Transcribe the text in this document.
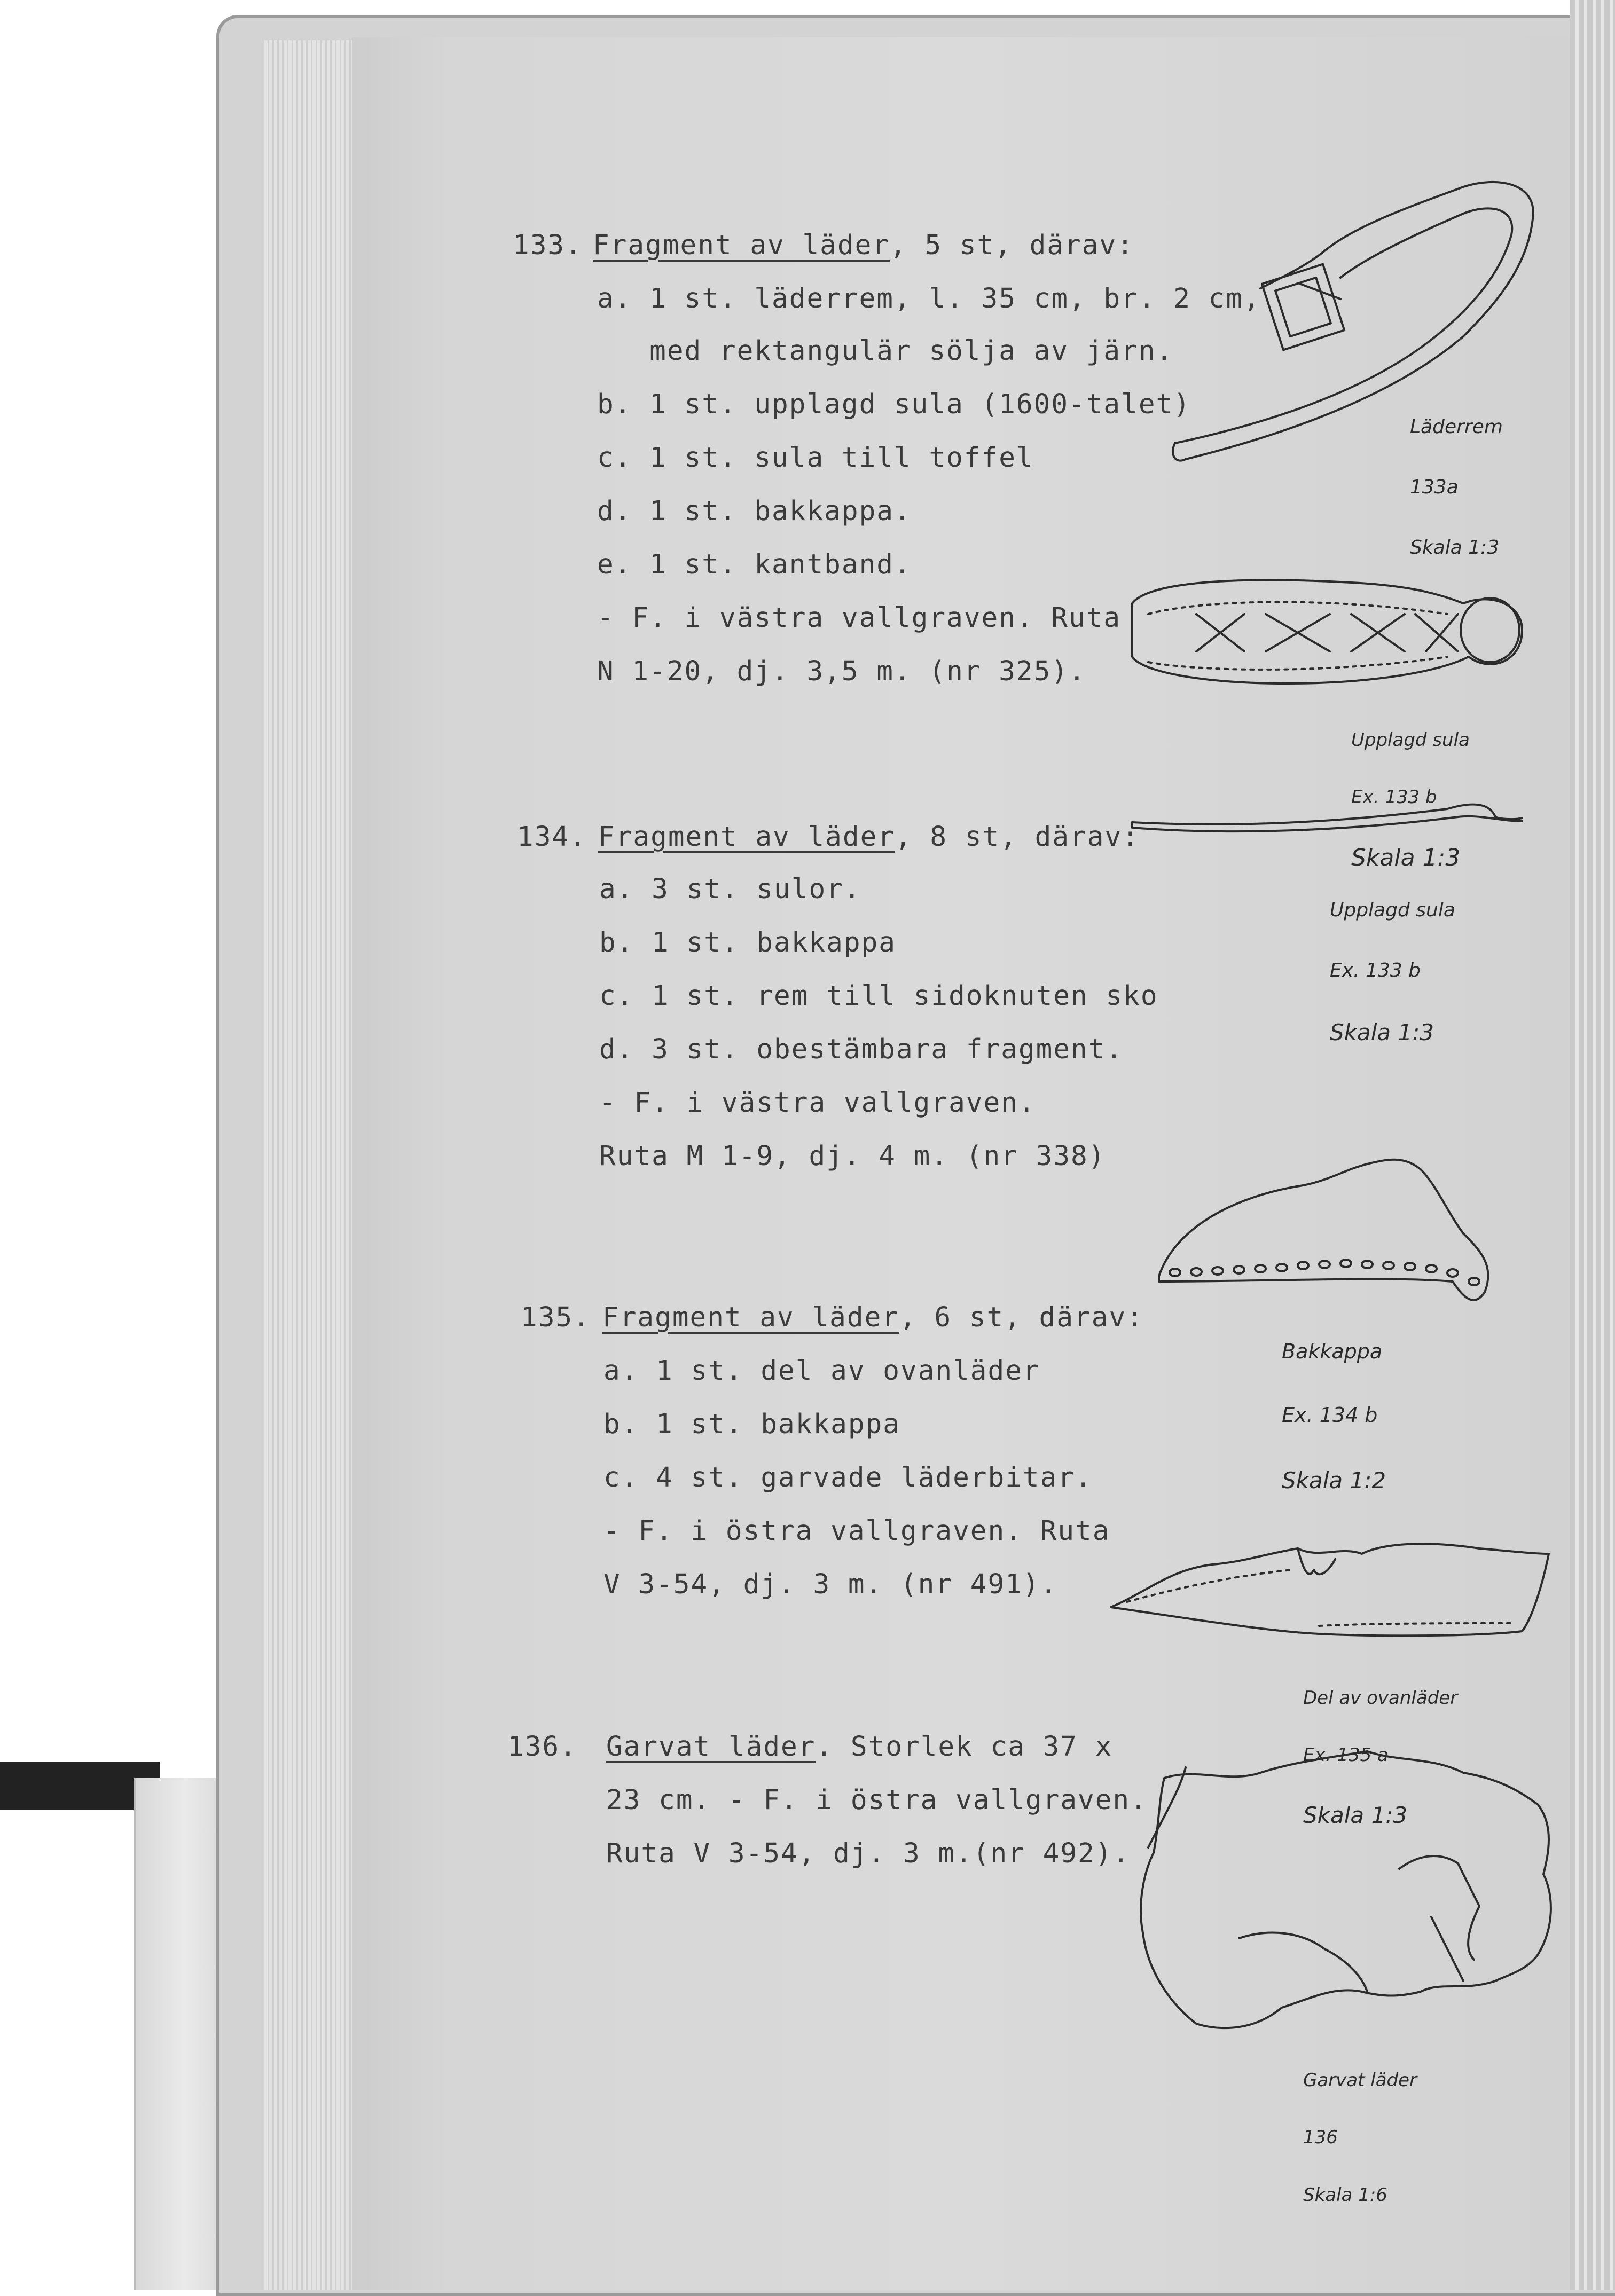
133. Fragment av läder, 5 st, därav:
a. 1 st. läderrem, l. 35 cm, br. 2 cm,
med rektangulär sölja av järn.
b. 1 st. upplagd sula (1600-talet)
c. 1 st. sula till toffel
d. 1 st. bakkappa.
e. 1 st. kantband.
- F. i västra vallgraven. Ruta
N 1-20, dj. 3,5 m. (nr 325).
134. Fragment av läder, 8 st, därav:
a. 3 st. sulor.
b. 1 st. bakkappa
c. 1 st. rem till sidoknuten sko
d. 3 st. obestämbara fragment.
- F. i västra vallgraven.
Ruta M 1-9, dj. 4 m. (nr 338)
135. Fragment av läder, 6 st, därav:
a. 1 st. del av ovanläder
b. 1 st. bakkappa
c. 4 st. garvade läderbitar.
- F. i östra vallgraven. Ruta
V 3-54, dj. 3 m. (nr 491).
136. Garvat läder. Storlek ca 37 x
23 cm. - F. i östra vallgraven.
Ruta V 3-54, dj. 3 m.(nr 492).

Läderrem

133a

Skala 1:3

Upplagd sula

Ex. 133 b

Skala 1:3

Upplagd sula

Ex. 133 b

Skala 1:3

Bakkappa

Ex. 134 b

Skala 1:2

Del av ovanläder

Ex. 135 a

Skala 1:3

Garvat läder

136

Skala 1:6
